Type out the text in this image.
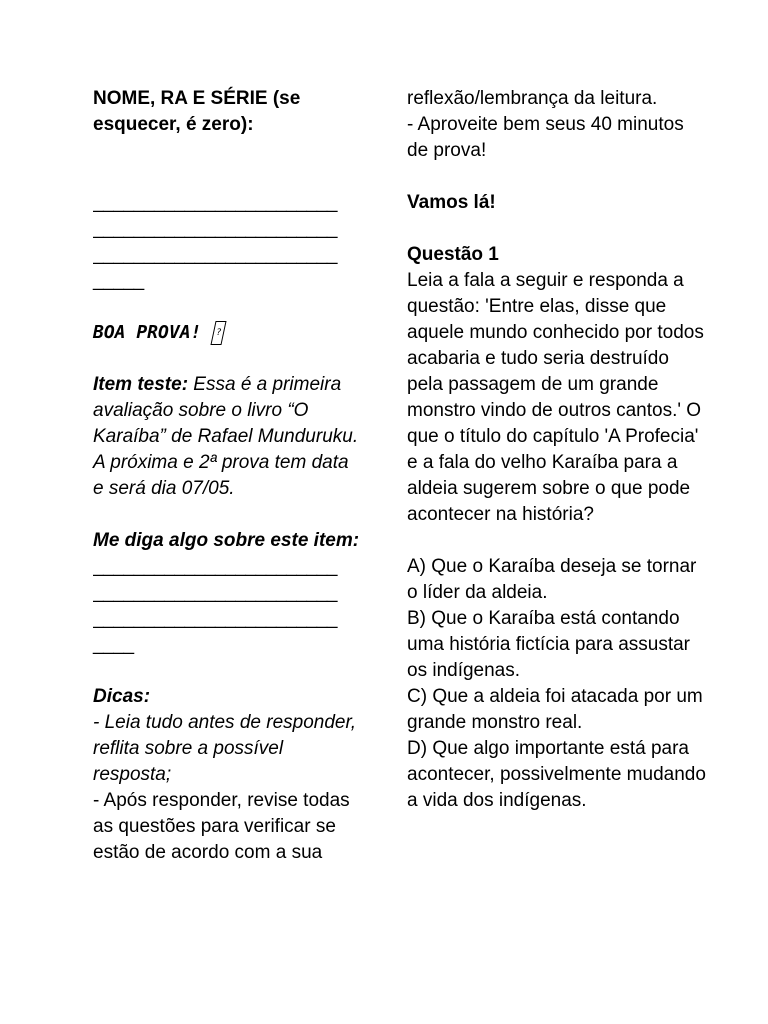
NOME, RA E SÉRIE (se esquecer, é zero):

________________________

________________________

________________________

_____

BOA PROVA!	?

Item teste: Essa é a primeira avaliação sobre o livro “O Karaíba” de Rafael Munduruku. A próxima e 2ª prova tem data e será dia 07/05.

Me diga algo sobre este item:

________________________

________________________

________________________

____

Dicas:

- Leia tudo antes de responder, reflita sobre a possível resposta;

- Após responder, revise todas as questões para verificar se estão de acordo com a sua

reflexão/lembrança da leitura.

- Aproveite bem seus 40 minutos de prova!

Vamos lá!

Questão 1

Leia a fala a seguir e responda a questão: 'Entre elas, disse que aquele mundo conhecido por todos acabaria e tudo seria destruído pela passagem de um grande monstro vindo de outros cantos.' O que o título do capítulo 'A Profecia' e a fala do velho Karaíba para a aldeia sugerem sobre o que pode acontecer na história?

A) Que o Karaíba deseja se tornar o líder da aldeia.

B) Que o Karaíba está contando uma história fictícia para assustar os indígenas.

C) Que a aldeia foi atacada por um grande monstro real.

D) Que algo importante está para acontecer, possivelmente mudando a vida dos indígenas.
